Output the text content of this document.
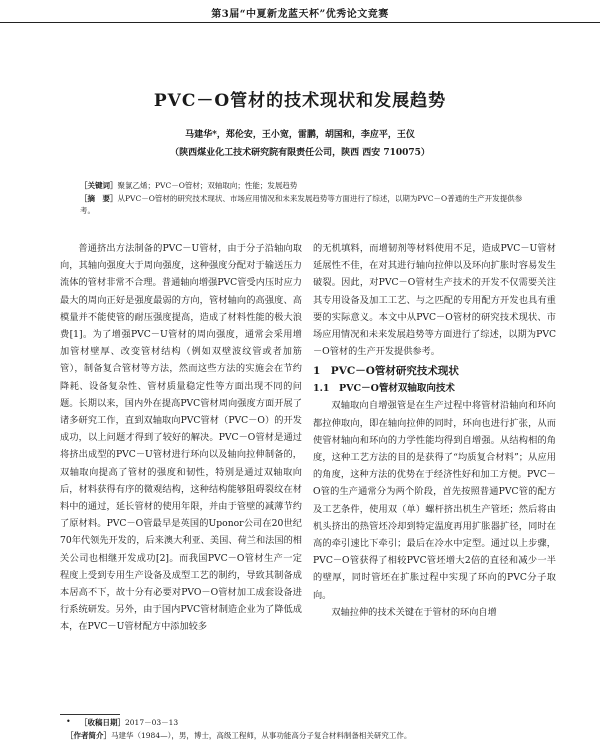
第3届“中夏新龙蓝天杯”优秀论文竞赛
PVC－O管材的技术现状和发展趋势
马建华*，郑伦安，王小宽，雷鹏，胡国和，李应平，王仪
（陕西煤业化工技术研究院有限责任公司，陕西 西安 710075）
［关键词］聚氯乙烯；PVC－O管材；双轴取向；性能；发展趋势
［摘　要］从PVC－O管材的研究技术现状、市场应用情况和未来发展趋势等方面进行了综述，以期为PVC－O普通的生产开发提供参考。

普通挤出方法制备的PVC－U管材，由于分子沿轴向取向，其轴向强度大于周向强度，这种强度分配对于输送压力流体的管材非常不合理。普通轴向增强PVC管受内压时应力最大的周向正好是强度最弱的方向，管材轴向的高强度、高模量并不能使管的耐压强度提高，造成了材料性能的极大浪费[1]。为了增强PVC－U管材的周向强度，通常会采用增加管材壁厚、改变管材结构（例如双壁波纹管或者加筋管），制备复合管材等方法，然而这些方法的实施会在节约降耗、设备复杂性、管材质量稳定性等方面出现不同的问题。长期以来，国内外在提高PVC管材周向强度方面开展了诸多研究工作，直到双轴取向PVC管材（PVC－O）的开发成功，以上问题才得到了较好的解决。PVC－O管材是通过将挤出成型的PVC－U管材进行环向以及轴向拉伸制备的，双轴取向提高了管材的强度和韧性，特别是通过双轴取向后，材料获得有序的微观结构，这种结构能够阻碍裂纹在材料中的通过，延长管材的使用年限，并由于管壁的减薄节约了原材料。PVC－O管最早是英国的Uponor公司在20世纪70年代领先开发的，后来澳大利亚、美国、荷兰和法国的相关公司也相继开发成功[2]。而我国PVC－O管材生产一定程度上受到专用生产设备及成型工艺的制约，导致其制备成本居高不下，故十分有必要对PVO－O管材加工成套设备进行系统研发。另外，由于国内PVC管材制造企业为了降低成本，在PVC－U管材配方中添加较多

的无机填料，而增韧剂等材料使用不足，造成PVC－U管材延展性不佳，在对其进行轴向拉伸以及环向扩胀时容易发生破裂。因此，对PVC－O管材生产技术的开发不仅需要关注其专用设备及加工工艺、与之匹配的专用配方开发也具有重要的实际意义。本文中从PVC－O管材的研究技术现状、市场应用情况和未来发展趋势等方面进行了综述，以期为PVC－O管材的生产开发提供参考。

1　PVC－O管材研究技术现状
1.1　PVC－O管材双轴取向技术

双轴取向自增强管是在生产过程中将管材沿轴向和环向都拉伸取向，即在轴向拉伸的同时，环向也进行扩张，从而使管材轴向和环向的力学性能均得到自增强。从结构相的角度，这种工艺方法的目的是获得了“均质复合材料”；从应用的角度，这种方法的优势在于经济性好和加工方便。PVC－O管的生产通常分为两个阶段，首先按照普通PVC管的配方及工艺条件，使用双（单）螺杆挤出机生产管坯；然后将由机头挤出的热管坯冷却到特定温度再用扩胀器扩径，同时在高的牵引速比下牵引；最后在冷水中定型。通过以上步骤，PVC－O管获得了相较PVC管坯增大2倍的直径和减少一半的壁厚，同时管坯在扩胀过程中实现了环向的PVC分子取向。

双轴拉伸的技术关键在于管材的环向自增

• ［收稿日期］2017－03－13
［作者简介］马建华（1984—），男，博士，高级工程师，从事功能高分子复合材料制备相关研究工作。
